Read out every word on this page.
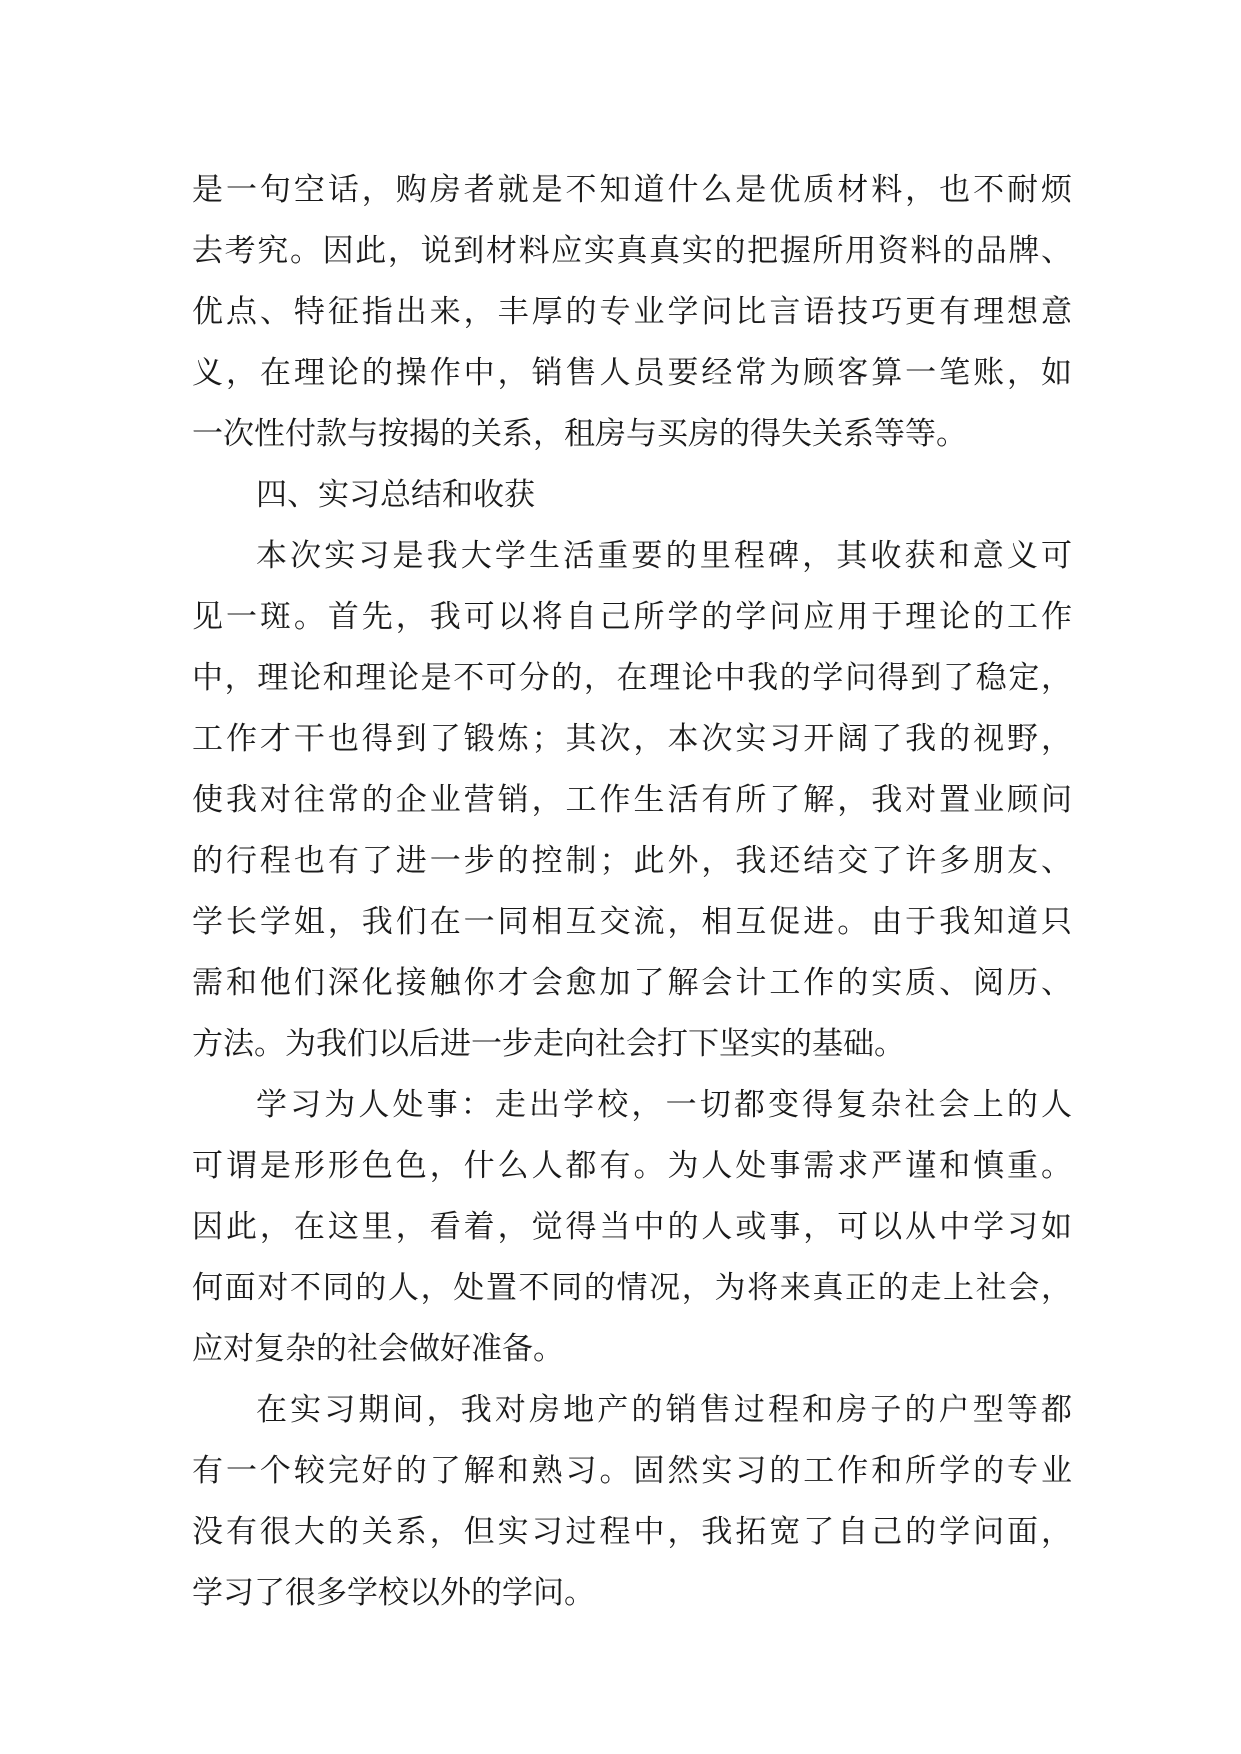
是一句空话，购房者就是不知道什么是优质材料，也不耐烦
去考究。因此，说到材料应实真真实的把握所用资料的品牌、
优点、特征指出来，丰厚的专业学问比言语技巧更有理想意
义，在理论的操作中，销售人员要经常为顾客算一笔账，如
一次性付款与按揭的关系，租房与买房的得失关系等等。
四、实习总结和收获
本次实习是我大学生活重要的里程碑，其收获和意义可
见一斑。首先，我可以将自己所学的学问应用于理论的工作
中，理论和理论是不可分的，在理论中我的学问得到了稳定，
工作才干也得到了锻炼；其次，本次实习开阔了我的视野，
使我对往常的企业营销，工作生活有所了解，我对置业顾问
的行程也有了进一步的控制；此外，我还结交了许多朋友、
学长学姐，我们在一同相互交流，相互促进。由于我知道只
需和他们深化接触你才会愈加了解会计工作的实质、阅历、
方法。为我们以后进一步走向社会打下坚实的基础。
学习为人处事：走出学校，一切都变得复杂社会上的人
可谓是形形色色，什么人都有。为人处事需求严谨和慎重。
因此，在这里，看着，觉得当中的人或事，可以从中学习如
何面对不同的人，处置不同的情况，为将来真正的走上社会，
应对复杂的社会做好准备。
在实习期间，我对房地产的销售过程和房子的户型等都
有一个较完好的了解和熟习。固然实习的工作和所学的专业
没有很大的关系，但实习过程中，我拓宽了自己的学问面，
学习了很多学校以外的学问。
